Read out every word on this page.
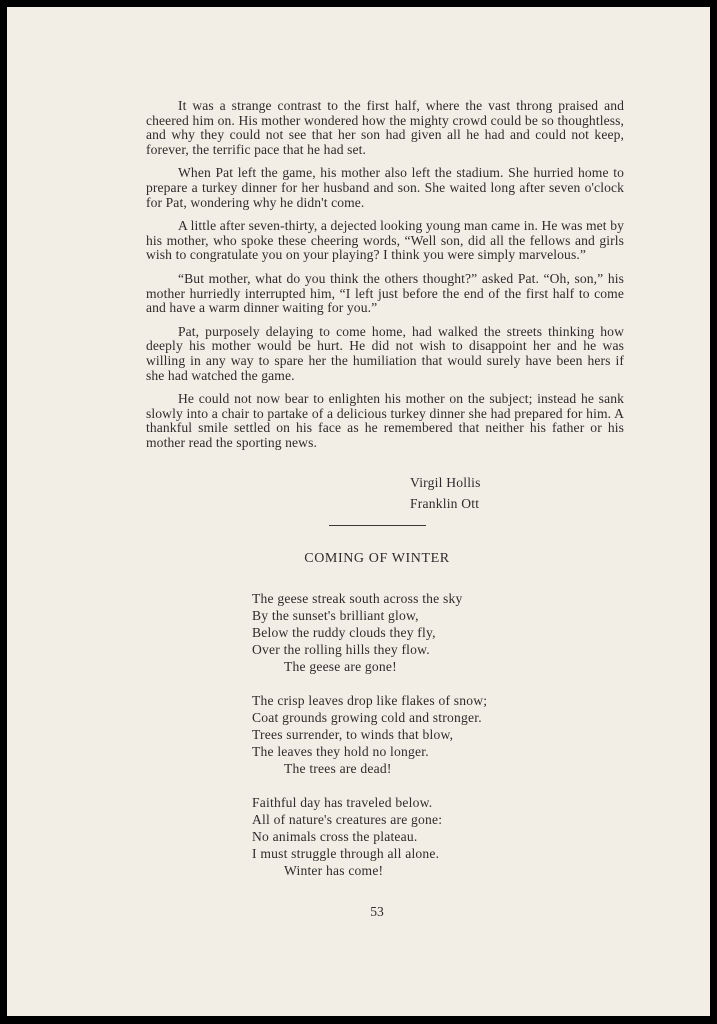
It was a strange contrast to the first half, where the vast throng praised and cheered him on. His mother wondered how the mighty crowd could be so thoughtless, and why they could not see that her son had given all he had and could not keep, forever, the terrific pace that he had set.

When Pat left the game, his mother also left the stadium. She hurried home to prepare a turkey dinner for her husband and son. She waited long after seven o'clock for Pat, wondering why he didn't come.

A little after seven-thirty, a dejected looking young man came in. He was met by his mother, who spoke these cheering words, “Well son, did all the fellows and girls wish to congratulate you on your playing? I think you were simply marvelous.”

“But mother, what do you think the others thought?” asked Pat. “Oh, son,” his mother hurriedly interrupted him, “I left just before the end of the first half to come and have a warm dinner waiting for you.”

Pat, purposely delaying to come home, had walked the streets thinking how deeply his mother would be hurt. He did not wish to disappoint her and he was willing in any way to spare her the humiliation that would surely have been hers if she had watched the game.

He could not now bear to enlighten his mother on the subject; instead he sank slowly into a chair to partake of a delicious turkey dinner she had prepared for him. A thankful smile settled on his face as he remembered that neither his father or his mother read the sporting news.

Virgil Hollis
Franklin Ott
COMING OF WINTER
The geese streak south across the sky
By the sunset's brilliant glow,
Below the ruddy clouds they fly,
Over the rolling hills they flow.
The geese are gone!
The crisp leaves drop like flakes of snow;
Coat grounds growing cold and stronger.
Trees surrender, to winds that blow,
The leaves they hold no longer.
The trees are dead!
Faithful day has traveled below.
All of nature's creatures are gone:
No animals cross the plateau.
I must struggle through all alone.
Winter has come!
53
